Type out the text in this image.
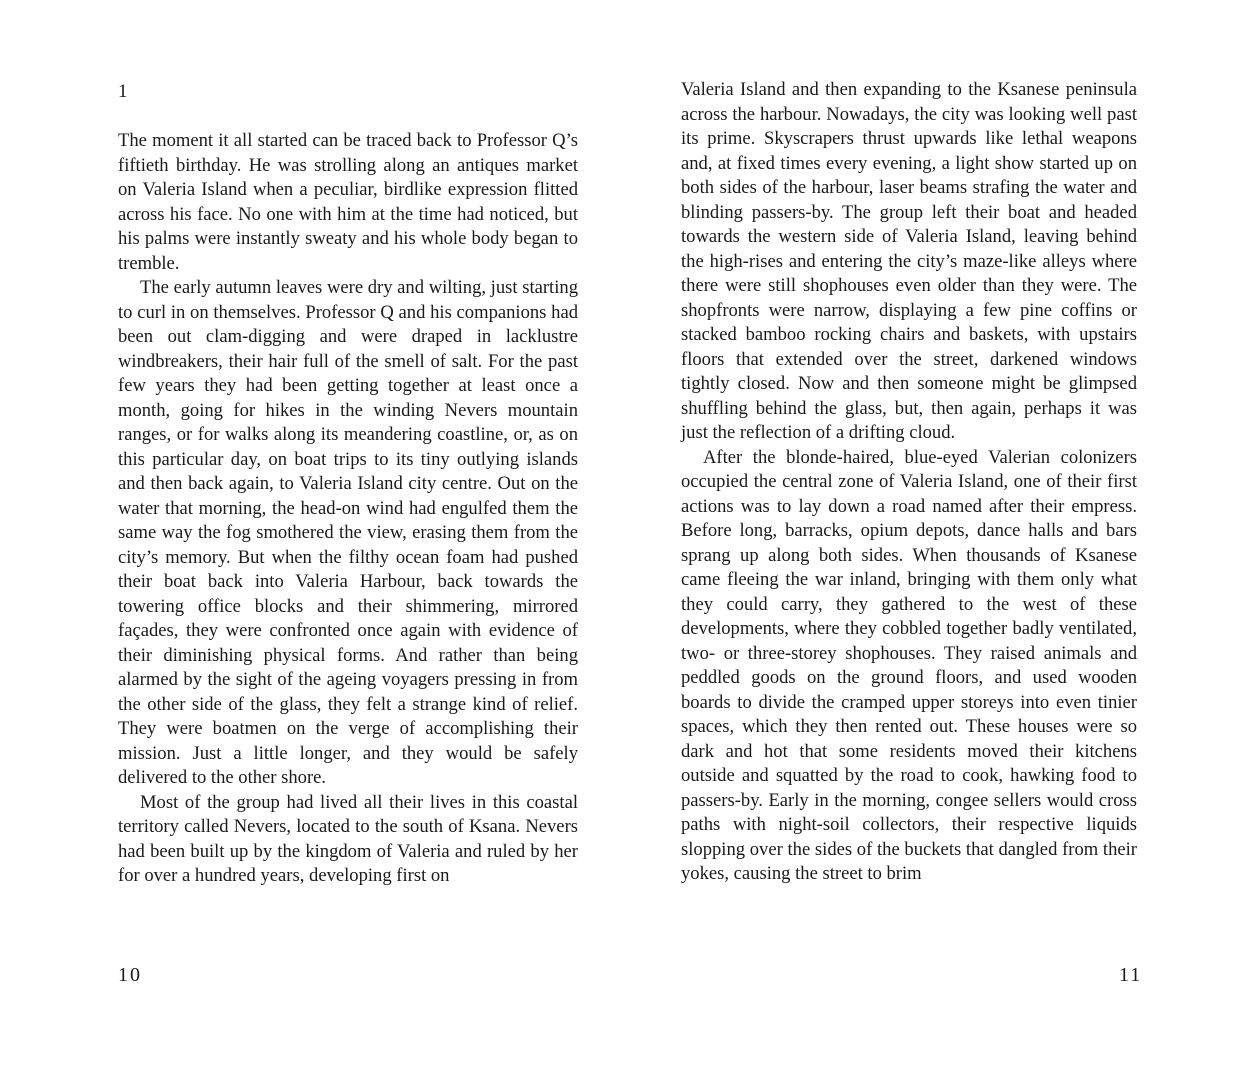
1

The moment it all started can be traced back to Professor Q’s fiftieth birthday. He was strolling along an antiques market on Valeria Island when a peculiar, birdlike expression flitted across his face. No one with him at the time had noticed, but his palms were instantly sweaty and his whole body began to tremble.

The early autumn leaves were dry and wilting, just starting to curl in on themselves. Professor Q and his companions had been out clam-digging and were draped in lacklustre windbreakers, their hair full of the smell of salt. For the past few years they had been getting together at least once a month, going for hikes in the winding Nevers mountain ranges, or for walks along its meandering coastline, or, as on this particular day, on boat trips to its tiny outlying islands and then back again, to Valeria Island city centre. Out on the water that morning, the head-on wind had engulfed them the same way the fog smothered the view, erasing them from the city’s memory. But when the filthy ocean foam had pushed their boat back into Valeria Harbour, back towards the towering office blocks and their shimmering, mirrored façades, they were confronted once again with evidence of their diminishing physical forms. And rather than being alarmed by the sight of the ageing voyagers pressing in from the other side of the glass, they felt a strange kind of relief. They were boatmen on the verge of accomplishing their mission. Just a little longer, and they would be safely delivered to the other shore.

Most of the group had lived all their lives in this coastal territory called Nevers, located to the south of Ksana. Nevers had been built up by the kingdom of Valeria and ruled by her for over a hundred years, developing first on

10

Valeria Island and then expanding to the Ksanese peninsula across the harbour. Nowadays, the city was looking well past its prime. Skyscrapers thrust upwards like lethal weapons and, at fixed times every evening, a light show started up on both sides of the harbour, laser beams strafing the water and blinding passers-by. The group left their boat and headed towards the western side of Valeria Island, leaving behind the high-rises and entering the city’s maze-like alleys where there were still shophouses even older than they were. The shopfronts were narrow, displaying a few pine coffins or stacked bamboo rocking chairs and baskets, with upstairs floors that extended over the street, darkened windows tightly closed. Now and then someone might be glimpsed shuffling behind the glass, but, then again, perhaps it was just the reflection of a drifting cloud.

After the blonde-haired, blue-eyed Valerian colonizers occupied the central zone of Valeria Island, one of their first actions was to lay down a road named after their empress. Before long, barracks, opium depots, dance halls and bars sprang up along both sides. When thousands of Ksanese came fleeing the war inland, bringing with them only what they could carry, they gathered to the west of these developments, where they cobbled together badly ventilated, two- or three-storey shophouses. They raised animals and peddled goods on the ground floors, and used wooden boards to divide the cramped upper storeys into even tinier spaces, which they then rented out. These houses were so dark and hot that some residents moved their kitchens outside and squatted by the road to cook, hawking food to passers-by. Early in the morning, congee sellers would cross paths with night-soil collectors, their respective liquids slopping over the sides of the buckets that dangled from their yokes, causing the street to brim

11
